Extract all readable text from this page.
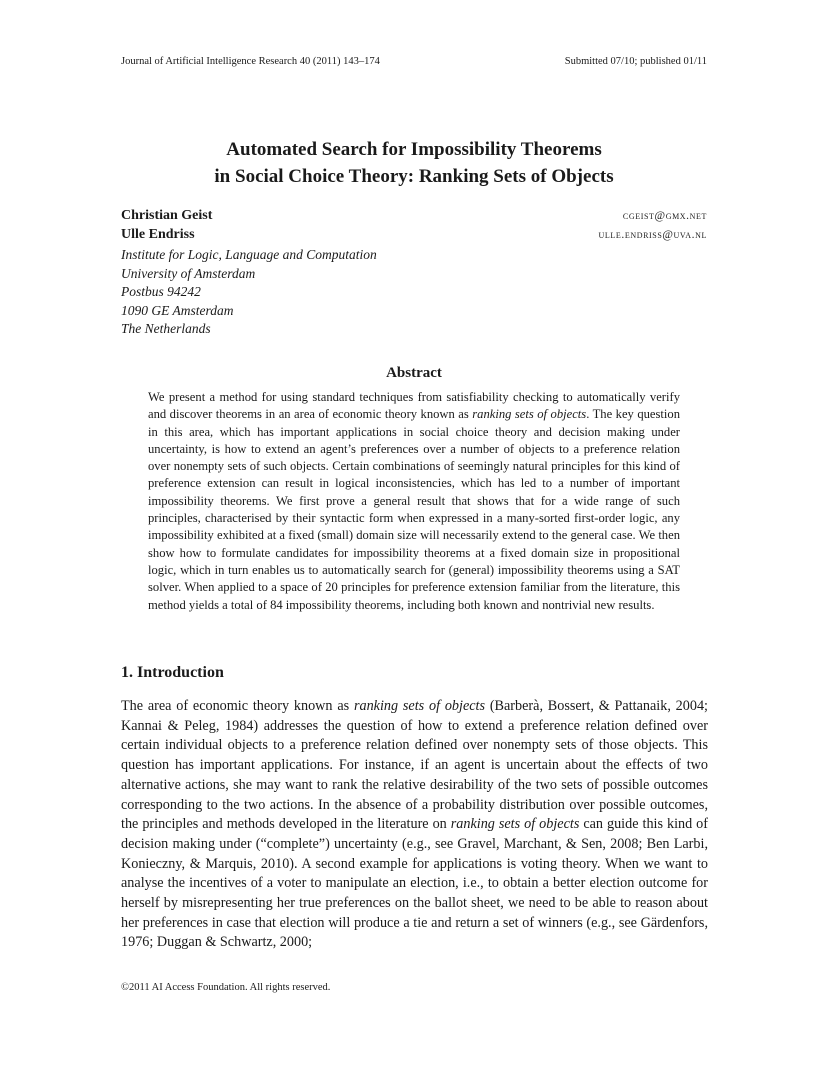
Journal of Artificial Intelligence Research 40 (2011) 143–174	Submitted 07/10; published 01/11
Automated Search for Impossibility Theorems
in Social Choice Theory: Ranking Sets of Objects
Christian Geist	cgeist@gmx.net
Ulle Endriss	ulle.endriss@uva.nl
Institute for Logic, Language and Computation
University of Amsterdam
Postbus 94242
1090 GE Amsterdam
The Netherlands
Abstract
We present a method for using standard techniques from satisfiability checking to automatically verify and discover theorems in an area of economic theory known as ranking sets of objects. The key question in this area, which has important applications in social choice theory and decision making under uncertainty, is how to extend an agent’s preferences over a number of objects to a preference relation over nonempty sets of such objects. Certain combinations of seemingly natural principles for this kind of preference extension can result in logical inconsistencies, which has led to a number of important impossibility theorems. We first prove a general result that shows that for a wide range of such principles, characterised by their syntactic form when expressed in a many-sorted first-order logic, any impossibility exhibited at a fixed (small) domain size will necessarily extend to the general case. We then show how to formulate candidates for impossibility theorems at a fixed domain size in propositional logic, which in turn enables us to automatically search for (general) impossibility theorems using a SAT solver. When applied to a space of 20 principles for preference extension familiar from the literature, this method yields a total of 84 impossibility theorems, including both known and nontrivial new results.
1. Introduction
The area of economic theory known as ranking sets of objects (Barberà, Bossert, & Pattanaik, 2004; Kannai & Peleg, 1984) addresses the question of how to extend a preference relation defined over certain individual objects to a preference relation defined over nonempty sets of those objects. This question has important applications. For instance, if an agent is uncertain about the effects of two alternative actions, she may want to rank the relative desirability of the two sets of possible outcomes corresponding to the two actions. In the absence of a probability distribution over possible outcomes, the principles and methods developed in the literature on ranking sets of objects can guide this kind of decision making under (“complete”) uncertainty (e.g., see Gravel, Marchant, & Sen, 2008; Ben Larbi, Konieczny, & Marquis, 2010). A second example for applications is voting theory. When we want to analyse the incentives of a voter to manipulate an election, i.e., to obtain a better election outcome for herself by misrepresenting her true preferences on the ballot sheet, we need to be able to reason about her preferences in case that election will produce a tie and return a set of winners (e.g., see Gärdenfors, 1976; Duggan & Schwartz, 2000;
©2011 AI Access Foundation. All rights reserved.
